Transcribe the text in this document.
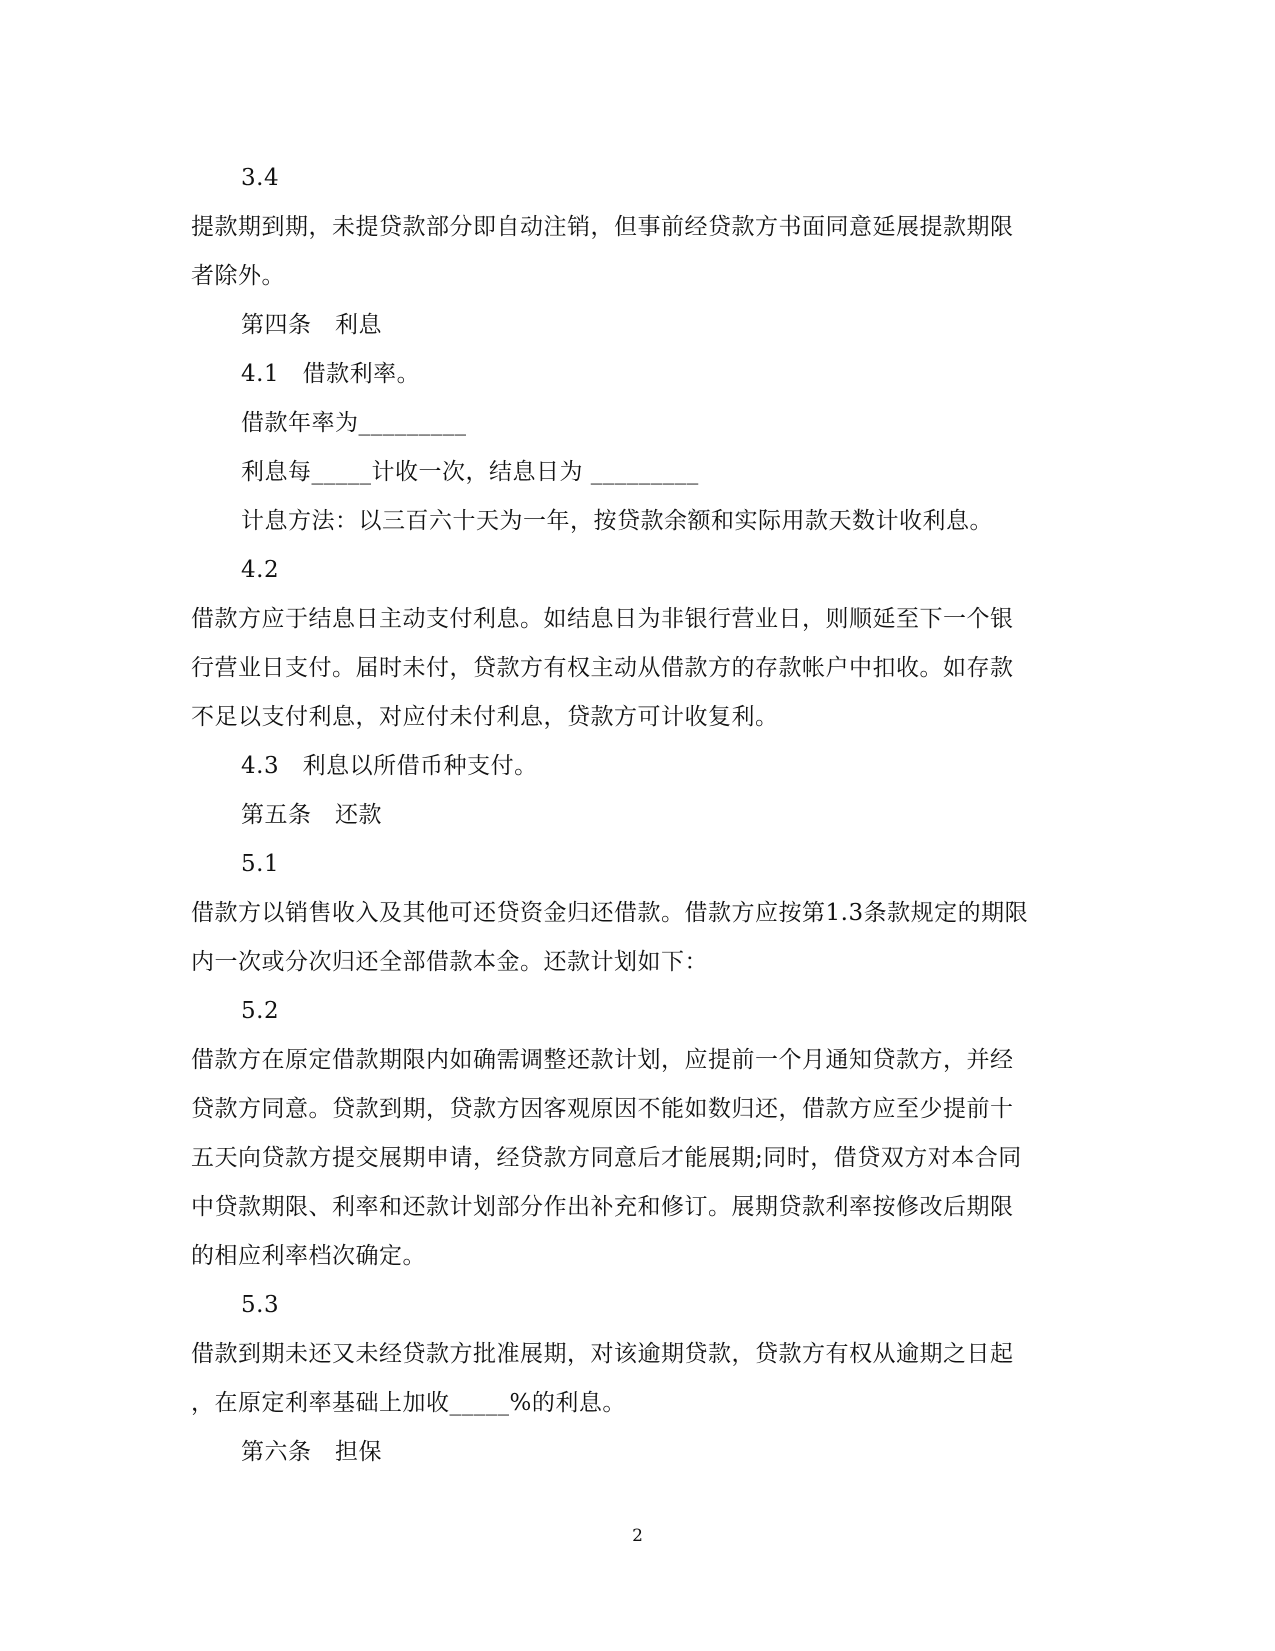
3.4
提款期到期，未提贷款部分即自动注销，但事前经贷款方书面同意延展提款期限
者除外。
第四条　利息
4.1　借款利率。
借款年率为_________
利息每_____计收一次，结息日为 _________
计息方法：以三百六十天为一年，按贷款余额和实际用款天数计收利息。
4.2
借款方应于结息日主动支付利息。如结息日为非银行营业日，则顺延至下一个银
行营业日支付。届时未付，贷款方有权主动从借款方的存款帐户中扣收。如存款
不足以支付利息，对应付未付利息，贷款方可计收复利。
4.3　利息以所借币种支付。
第五条　还款
5.1
借款方以销售收入及其他可还贷资金归还借款。借款方应按第1.3条款规定的期限
内一次或分次归还全部借款本金。还款计划如下：
5.2
借款方在原定借款期限内如确需调整还款计划，应提前一个月通知贷款方，并经
贷款方同意。贷款到期，贷款方因客观原因不能如数归还，借款方应至少提前十
五天向贷款方提交展期申请，经贷款方同意后才能展期;同时，借贷双方对本合同
中贷款期限、利率和还款计划部分作出补充和修订。展期贷款利率按修改后期限
的相应利率档次确定。
5.3
借款到期未还又未经贷款方批准展期，对该逾期贷款，贷款方有权从逾期之日起
，在原定利率基础上加收_____%的利息。
第六条　担保
2
